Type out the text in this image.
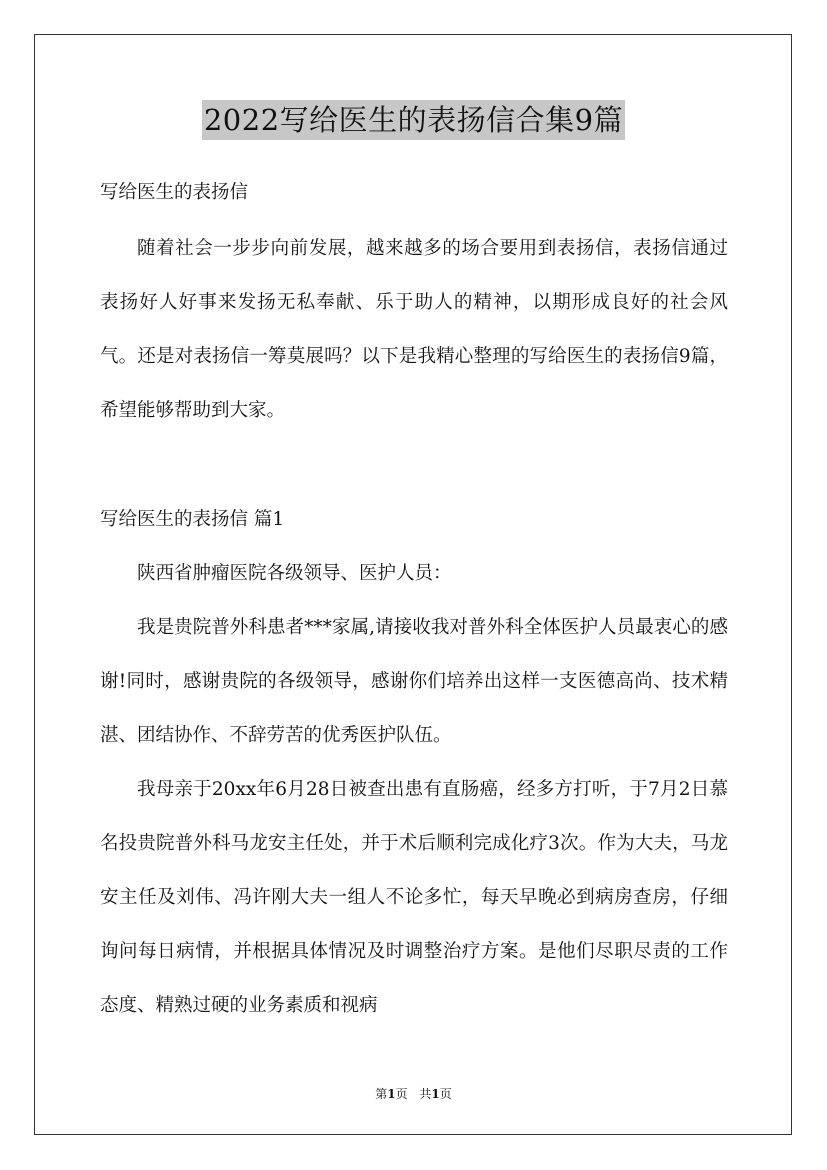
2022写给医生的表扬信合集9篇

写给医生的表扬信

随着社会一步步向前发展，越来越多的场合要用到表扬信，表扬信通过表扬好人好事来发扬无私奉献、乐于助人的精神，以期形成良好的社会风气。还是对表扬信一筹莫展吗？以下是我精心整理的写给医生的表扬信9篇，希望能够帮助到大家。

写给医生的表扬信 篇1

陕西省肿瘤医院各级领导、医护人员：

我是贵院普外科患者***家属,请接收我对普外科全体医护人员最衷心的感谢!同时，感谢贵院的各级领导，感谢你们培养出这样一支医德高尚、技术精湛、团结协作、不辞劳苦的优秀医护队伍。

我母亲于20xx年6月28日被查出患有直肠癌，经多方打听，于7月2日慕名投贵院普外科马龙安主任处，并于术后顺利完成化疗3次。作为大夫，马龙安主任及刘伟、冯许刚大夫一组人不论多忙，每天早晚必到病房查房，仔细询问每日病情，并根据具体情况及时调整治疗方案。是他们尽职尽责的工作态度、精熟过硬的业务素质和视病

第1页 共1页
